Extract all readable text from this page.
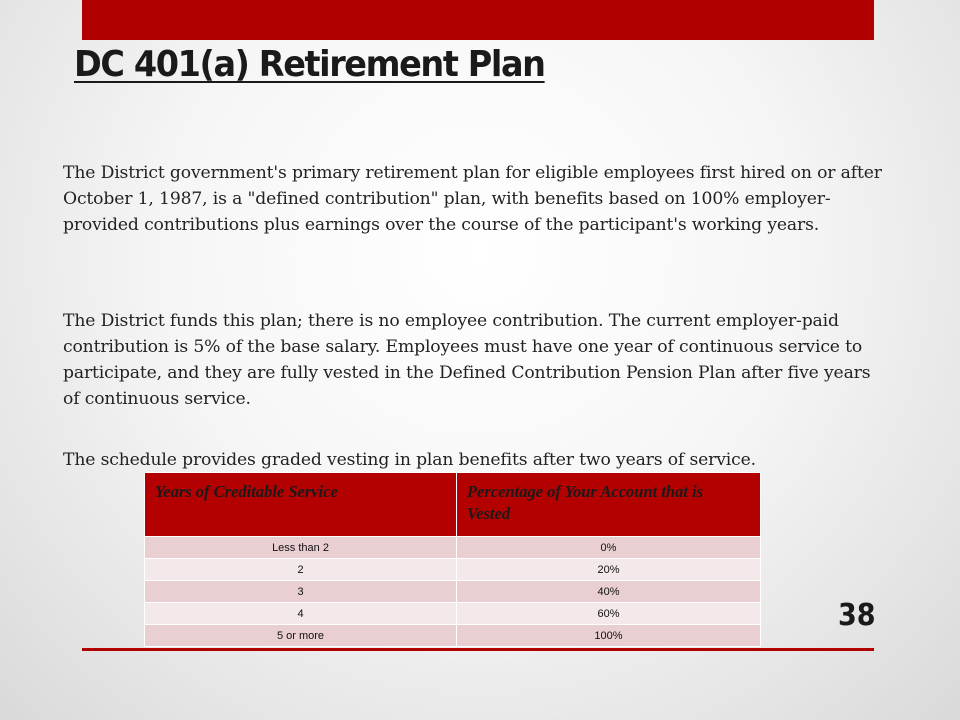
DC 401(a) Retirement Plan

The District government's primary retirement plan for eligible employees first hired on or after October 1, 1987, is a "defined contribution" plan, with benefits based on 100% employer-provided contributions plus earnings over the course of the participant's working years.

The District funds this plan; there is no employee contribution. The current employer-paid contribution is 5% of the base salary. Employees must have one year of continuous service to participate, and they are fully vested in the Defined Contribution Pension Plan after five years of continuous service.

The schedule provides graded vesting in plan benefits after two years of service.

Years of Creditable Service	Percentage of Your Account that is Vested
Less than 2	0%
2	20%
3	40%
4	60%
5 or more	100%
38
